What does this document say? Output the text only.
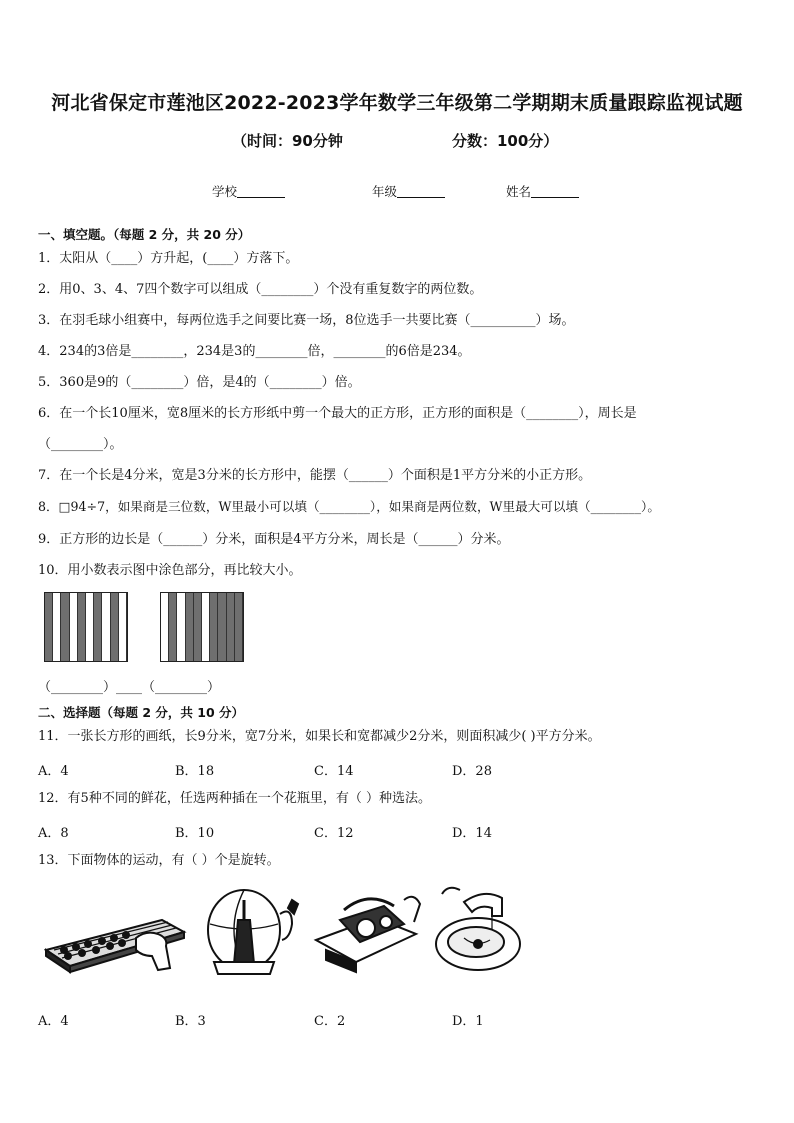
河北省保定市莲池区2022-2023学年数学三年级第二学期期末质量跟踪监视试题
（时间：90分钟	分数：100分）
学校	年级	姓名
一、填空题。（每题 2 分，共 20 分）
1．太阳从（____）方升起，(____）方落下。
2．用0、3、4、7四个数字可以组成（________）个没有重复数字的两位数。
3．在羽毛球小组赛中，每两位选手之间要比赛一场，8位选手一共要比赛（__________）场。
4．234的3倍是________，234是3的________倍，________的6倍是234。
5．360是9的（________）倍，是4的（________）倍。
6．在一个长10厘米，宽8厘米的长方形纸中剪一个最大的正方形，正方形的面积是（________），周长是
（________）。
7．在一个长是4分米，宽是3分米的长方形中，能摆（______）个面积是1平方分米的小正方形。
8．□94÷7，如果商是三位数，W里最小可以填（________），如果商是两位数，W里最大可以填（________）。
9．正方形的边长是（______）分米，面积是4平方分米，周长是（______）分米。
10．用小数表示图中涂色部分，再比较大小。
（________）____（________）
二、选择题（每题 2 分，共 10 分）
11．一张长方形的画纸，长9分米，宽7分米，如果长和宽都减少2分米，则面积减少( )平方分米。
A．4	B．18	C．14	D．28
12．有5种不同的鲜花，任选两种插在一个花瓶里，有（ ）种选法。
A．8	B．10	C．12	D．14
13．下面物体的运动，有（ ）个是旋转。
A．4	B．3	C．2	D．1
